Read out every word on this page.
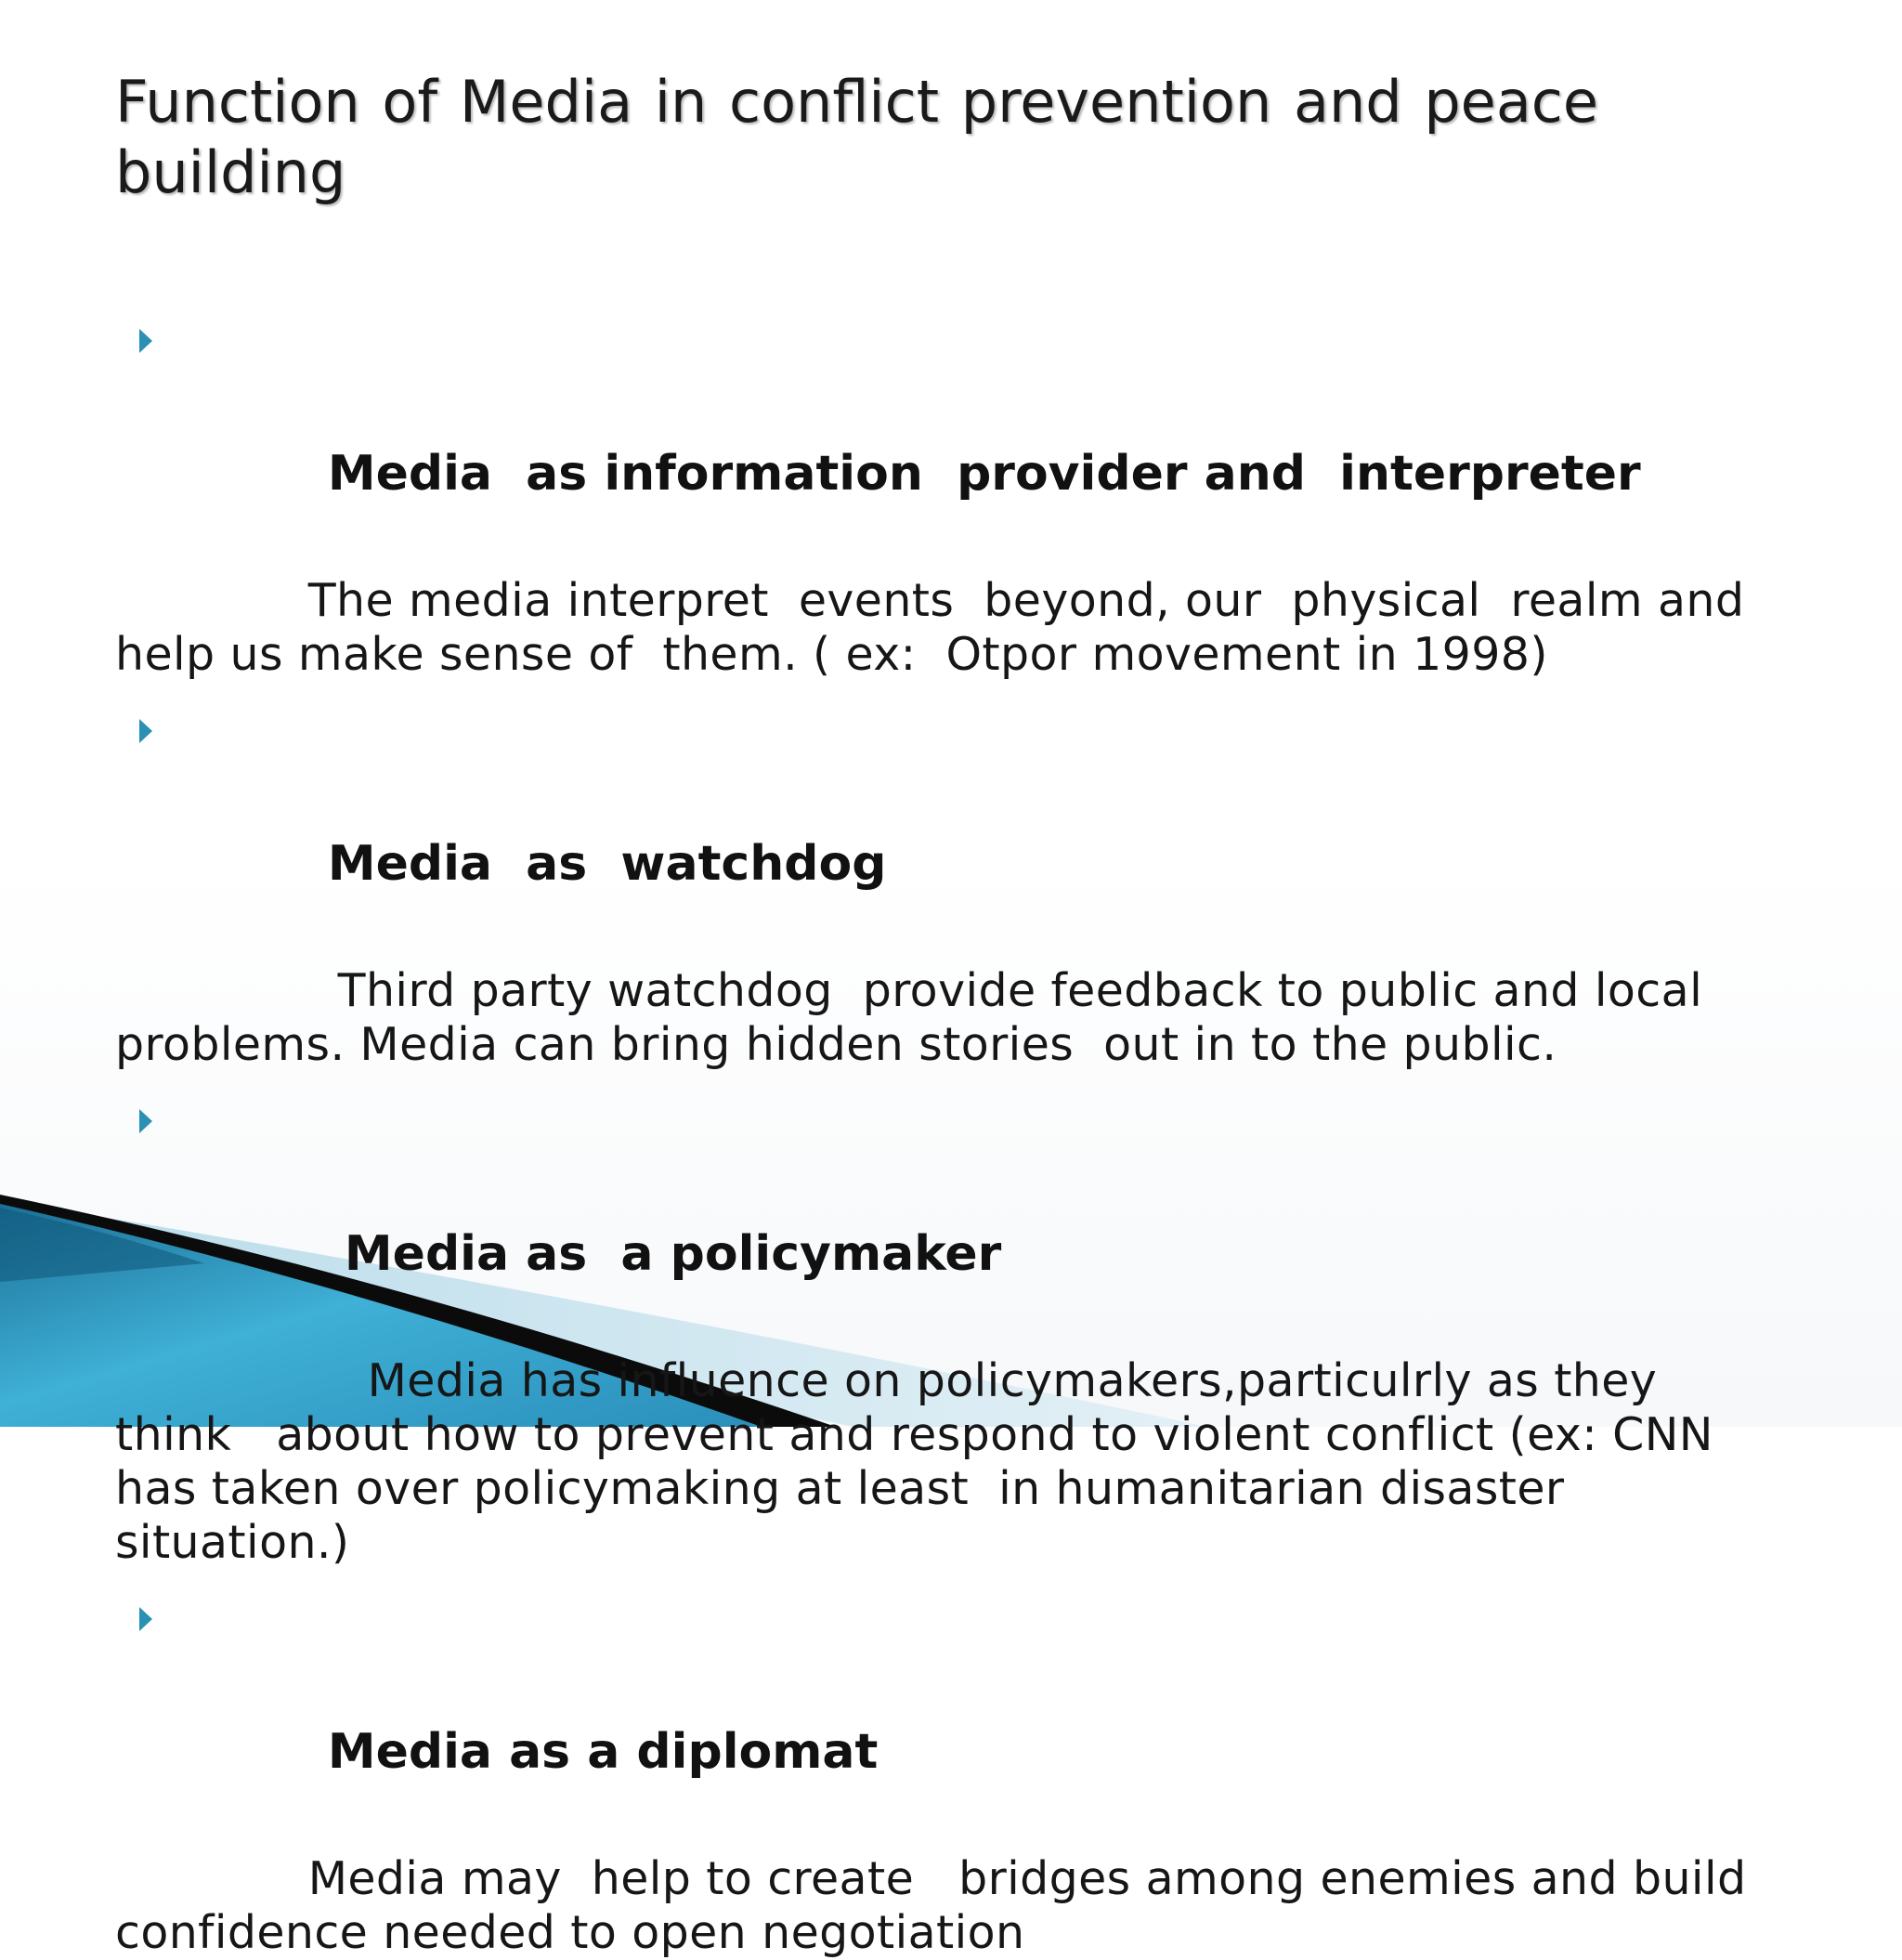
Function of Media in conflict prevention and peace building

Media  as information  provider and  interpreter

The media interpret  events  beyond, our  physical  realm and help us make sense of  them. ( ex:  Otpor movement in 1998)

Media  as  watchdog

Third party watchdog  provide feedback to public and local problems. Media can bring hidden stories  out in to the public.

Media as  a policymaker

Media has influence on policymakers,particulrly as they think   about how to prevent and respond to violent conflict (ex: CNN  has taken over policymaking at least  in humanitarian disaster situation.)

Media as a diplomat

Media may  help to create   bridges among enemies and build confidence needed to open negotiation
